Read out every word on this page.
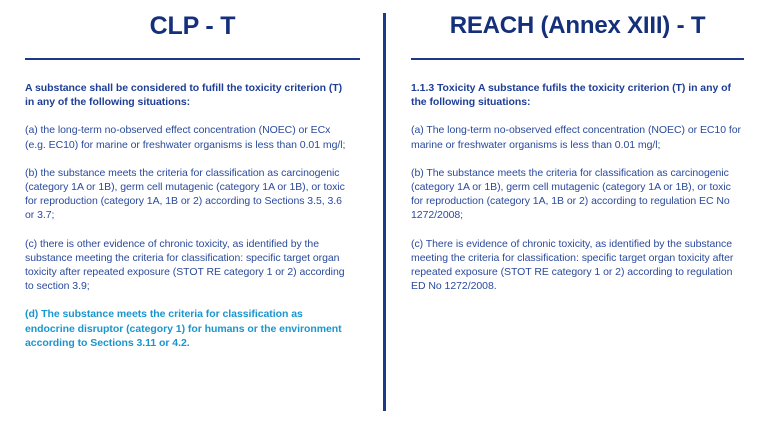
CLP - T

A substance shall be considered to fufill the toxicity criterion (T) in any of the following situations:

(a) the long-term no-observed effect concentration (NOEC) or ECx (e.g. EC10) for marine or freshwater organisms is less than 0.01 mg/l;

(b) the substance meets the criteria for classification as carcinogenic (category 1A or 1B), germ cell mutagenic (category 1A or 1B), or toxic for reproduction (category 1A, 1B or 2) according to Sections 3.5, 3.6 or 3.7;

(c) there is other evidence of chronic toxicity, as identified by the substance meeting the criteria for classification: specific target organ toxicity after repeated exposure (STOT RE category 1 or 2) according to section 3.9;

(d) The substance meets the criteria for classification as endocrine disruptor (category 1) for humans or the environment according to Sections 3.11 or 4.2.

REACH (Annex XIII) - T

1.1.3 Toxicity A substance fufils the toxicity criterion (T) in any of the following situations:

(a) The long-term no-observed effect concentration (NOEC) or EC10 for marine or freshwater organisms is less than 0.01 mg/l;

(b) The substance meets the criteria for classification as carcinogenic (category 1A or 1B), germ cell mutagenic (category 1A or 1B), or toxic for reproduction (category 1A, 1B or 2) according to regulation EC No 1272/2008;

(c) There is evidence of chronic toxicity, as identified by the substance meeting the criteria for classification: specific target organ toxicity after repeated exposure (STOT RE category 1 or 2) according to regulation ED No 1272/2008.
